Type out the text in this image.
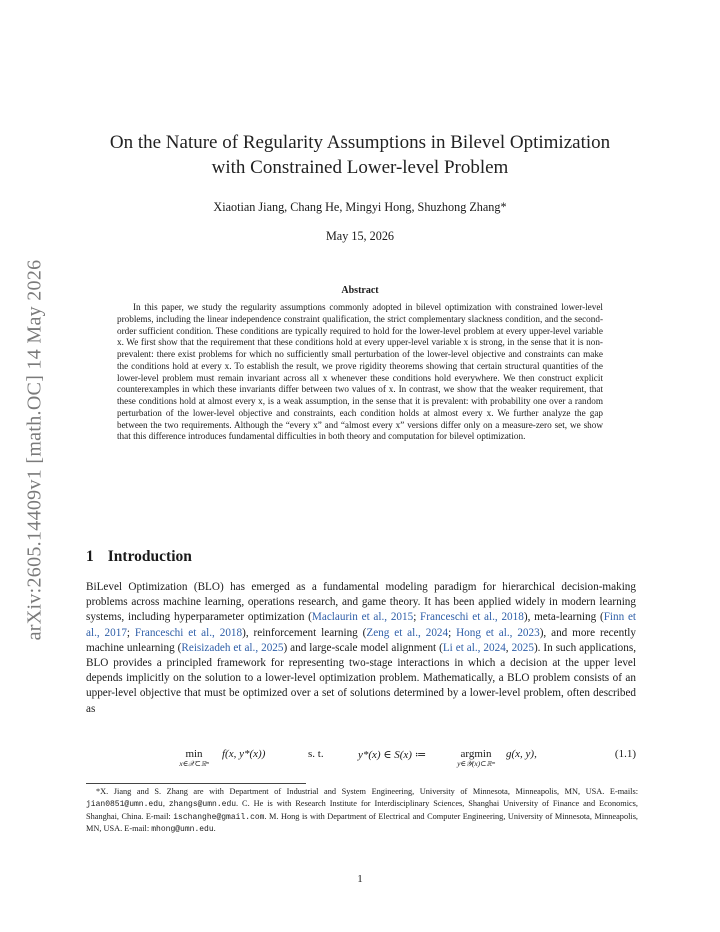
arXiv:2605.14409v1 [math.OC] 14 May 2026
On the Nature of Regularity Assumptions in Bilevel Optimization
with Constrained Lower-level Problem
Xiaotian Jiang, Chang He, Mingyi Hong, Shuzhong Zhang*
May 15, 2026
Abstract

In this paper, we study the regularity assumptions commonly adopted in bilevel optimization with constrained lower-level problems, including the linear independence constraint qualification, the strict complementary slackness condition, and the second-order sufficient condition. These conditions are typically required to hold for the lower-level problem at every upper-level variable x. We first show that the requirement that these conditions hold at every upper-level variable x is strong, in the sense that it is non-prevalent: there exist problems for which no sufficiently small perturbation of the lower-level objective and constraints can make the conditions hold at every x. To establish the result, we prove rigidity theorems showing that certain structural quantities of the lower-level problem must remain invariant across all x whenever these conditions hold everywhere. We then construct explicit counterexamples in which these invariants differ between two values of x. In contrast, we show that the weaker requirement, that these conditions hold at almost every x, is a weak assumption, in the sense that it is prevalent: with probability one over a random perturbation of the lower-level objective and constraints, each condition holds at almost every x. We further analyze the gap between the two requirements. Although the “every x” and “almost every x” versions differ only on a measure-zero set, we show that this difference introduces fundamental difficulties in both theory and computation for bilevel optimization.

1 Introduction

BiLevel Optimization (BLO) has emerged as a fundamental modeling paradigm for hierarchical decision-making problems across machine learning, operations research, and game theory. It has been applied widely in modern learning systems, including hyperparameter optimization (Maclaurin et al., 2015; Franceschi et al., 2018), meta-learning (Finn et al., 2017; Franceschi et al., 2018), reinforcement learning (Zeng et al., 2024; Hong et al., 2023), and more recently machine unlearning (Reisizadeh et al., 2025) and large-scale model alignment (Li et al., 2024, 2025). In such applications, BLO provides a principled framework for representing two-stage interactions in which a decision at the upper level depends implicitly on the solution to a lower-level optimization problem. Mathematically, a BLO problem consists of an upper-level objective that must be optimized over a set of solutions determined by a lower-level problem, often described as

min
x∈𝒳⊂ℝⁿ
f(x, y*(x))	s. t.	y*(x) ∈ S(x) ≔	argmin
y∈𝒴(x)⊂ℝᵐ
g(x, y),	(1.1)

*X. Jiang and S. Zhang are with Department of Industrial and System Engineering, University of Minnesota, Minneapolis, MN, USA. E-mails: jian0851@umn.edu, zhangs@umn.edu. C. He is with Research Institute for Interdisciplinary Sciences, Shanghai University of Finance and Economics, Shanghai, China. E-mail: ischanghe@gmail.com. M. Hong is with Department of Electrical and Computer Engineering, University of Minnesota, Minneapolis, MN, USA. E-mail: mhong@umn.edu.

1
